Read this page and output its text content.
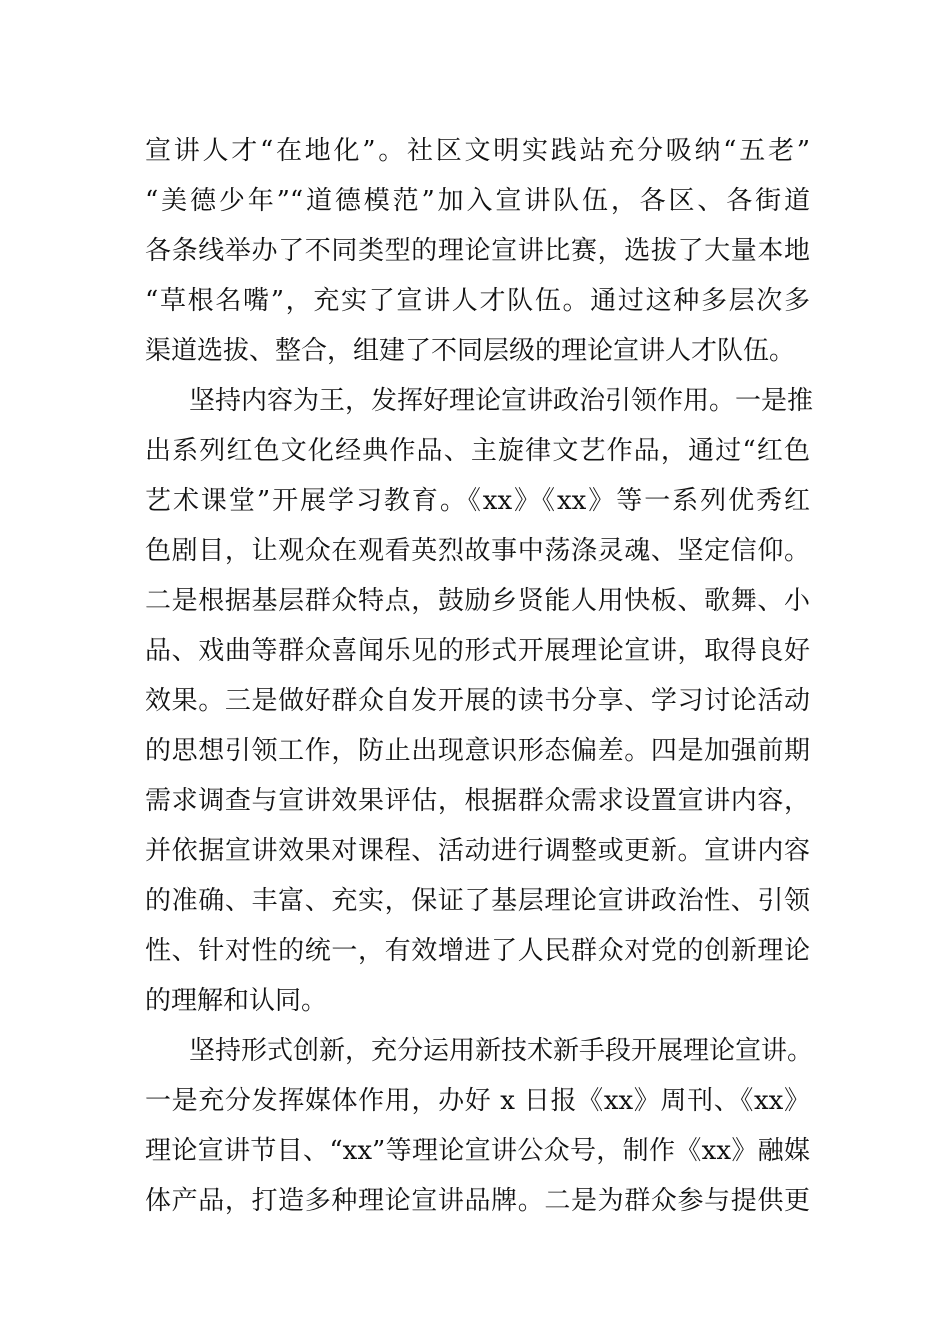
宣讲人才“在地化”。社区文明实践站充分吸纳“五老”
“美德少年”“道德模范”加入宣讲队伍，各区、各街道
各条线举办了不同类型的理论宣讲比赛，选拔了大量本地
“草根名嘴”，充实了宣讲人才队伍。通过这种多层次多
渠道选拔、整合，组建了不同层级的理论宣讲人才队伍。
坚持内容为王，发挥好理论宣讲政治引领作用。一是推
出系列红色文化经典作品、主旋律文艺作品，通过“红色
艺术课堂”开展学习教育。《xx》《xx》等一系列优秀红
色剧目，让观众在观看英烈故事中荡涤灵魂、坚定信仰。
二是根据基层群众特点，鼓励乡贤能人用快板、歌舞、小
品、戏曲等群众喜闻乐见的形式开展理论宣讲，取得良好
效果。三是做好群众自发开展的读书分享、学习讨论活动
的思想引领工作，防止出现意识形态偏差。四是加强前期
需求调查与宣讲效果评估，根据群众需求设置宣讲内容，
并依据宣讲效果对课程、活动进行调整或更新。宣讲内容
的准确、丰富、充实，保证了基层理论宣讲政治性、引领
性、针对性的统一，有效增进了人民群众对党的创新理论
的理解和认同。
坚持形式创新，充分运用新技术新手段开展理论宣讲。
一是充分发挥媒体作用，办好 x 日报《xx》周刊、《xx》
理论宣讲节目、“xx”等理论宣讲公众号，制作《xx》融媒
体产品，打造多种理论宣讲品牌。二是为群众参与提供更
